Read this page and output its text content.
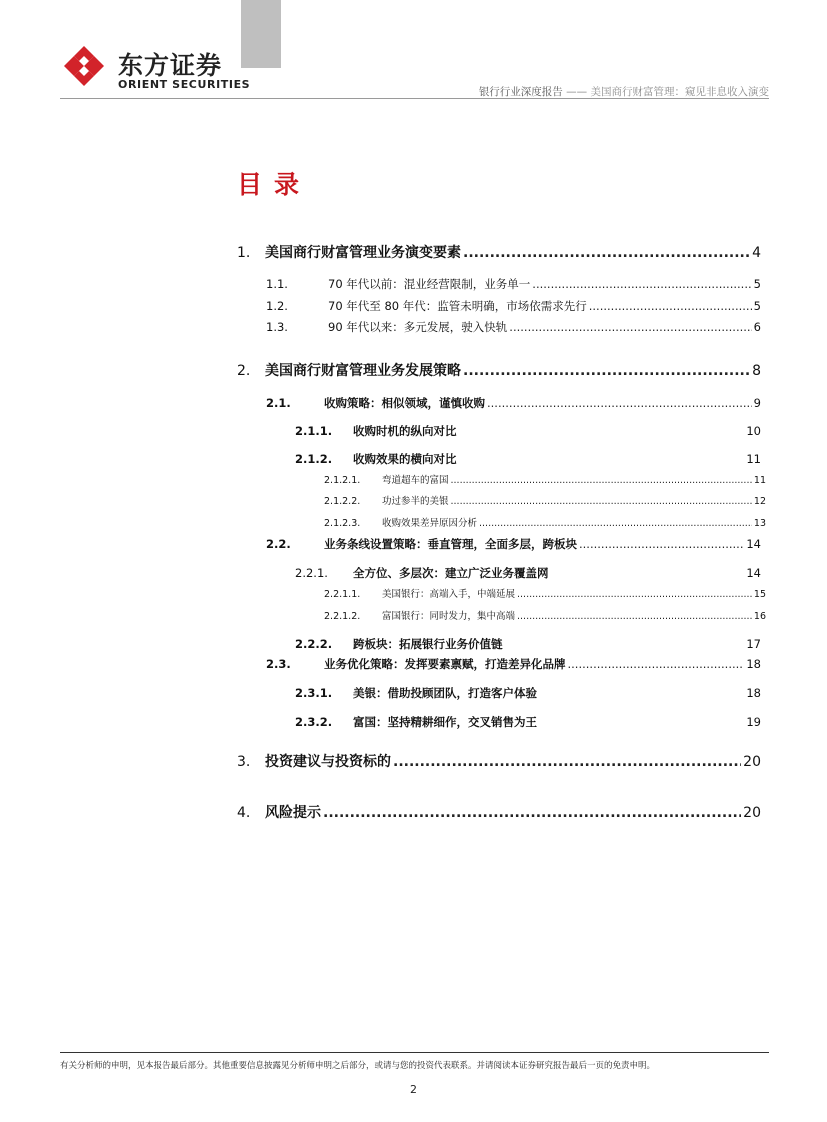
东方证券
ORIENT SECURITIES
银行行业深度报告 —— 美国商行财富管理：窥见非息收入演变
目录
1.	美国商行财富管理业务演变要素 .....	4
1.1.	70 年代以前：混业经营限制，业务单一 .....	5
1.2.	70 年代至 80 年代：监管未明确，市场依需求先行 .....	5
1.3.	90 年代以来：多元发展，驶入快轨 .....	6
2.	美国商行财富管理业务发展策略 .....	8
2.1.	收购策略：相似领域，谨慎收购 .....	9
2.1.1.	收购时机的纵向对比	10
2.1.2.	收购效果的横向对比	11
2.1.2.1.	弯道超车的富国 .....	11
2.1.2.2.	功过参半的美银 .....	12
2.1.2.3.	收购效果差异原因分析 .....	13
2.2.	业务条线设置策略：垂直管理，全面多层，跨板块 .....	14
2.2.1.	全方位、多层次：建立广泛业务覆盖网	14
2.2.1.1.	美国银行：高端入手，中端延展 .....	15
2.2.1.2.	富国银行：同时发力，集中高端 .....	16
2.2.2.	跨板块：拓展银行业务价值链	17
2.3.	业务优化策略：发挥要素禀赋，打造差异化品牌 .....	18
2.3.1.	美银：借助投顾团队，打造客户体验	18
2.3.2.	富国：坚持精耕细作，交叉销售为王	19
3.	投资建议与投资标的 .....	20
4.	风险提示 .....	20
有关分析师的申明，见本报告最后部分。其他重要信息披露见分析师申明之后部分，或请与您的投资代表联系。并请阅读本证券研究报告最后一页的免责申明。
2
